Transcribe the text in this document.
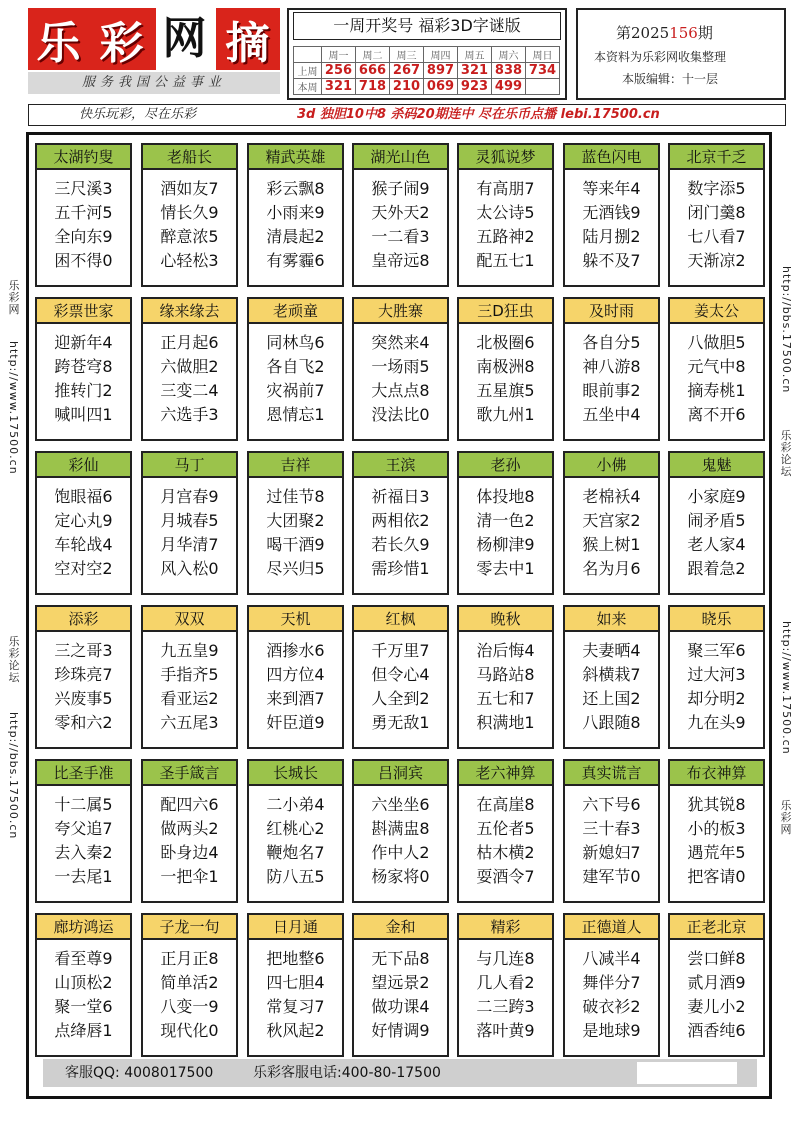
乐 彩 网 摘
服务我国公益事业
一周开奖号 福彩3D字谜版
	周一	周二	周三	周四	周五	周六	周日
上周	256	666	267	897	321	838	734
本周	321	718	210	069	923	499	
第2025156期
本资料为乐彩网收集整理
本版编辑：十一层
快乐玩彩，尽在乐彩	3d 独胆10中8 杀码20期连中 尽在乐币点播 lebi.17500.cn
乐彩网
http://www.17500.cn
乐彩论坛
http://bbs.17500.cn
http://bbs.17500.cn
乐彩论坛
http://www.17500.cn
乐彩网
客服QQ: 4008017500	乐彩客服电话:400-80-17500
太湖钓叟
三尺溪3
五千河5
全向东9
困不得0
老船长
酒如友7
情长久9
醉意浓5
心轻松3
精武英雄
彩云飘8
小雨来9
清晨起2
有雾霾6
湖光山色
猴子闹9
天外天2
一二看3
皇帝远8
灵狐说梦
有高朋7
太公诗5
五路神2
配五七1
蓝色闪电
等来年4
无酒钱9
陆月捌2
躲不及7
北京千乏
数字添5
闭门羹8
七八看7
天渐凉2
彩票世家
迎新年4
跨苍穹8
推转门2
喊叫四1
缘来缘去
正月起6
六做胆2
三变二4
六选手3
老顽童
同林鸟6
各自飞2
灾祸前7
恩情忘1
大胜寨
突然来4
一场雨5
大点点8
没法比0
三D狂虫
北极圈6
南极洲8
五星旗5
歌九州1
及时雨
各自分5
神八游8
眼前事2
五坐中4
姜太公
八做胆5
元气中8
摘寿桃1
离不开6
彩仙
饱眼福6
定心丸9
车轮战4
空对空2
马丁
月宫春9
月城春5
月华清7
风入松0
吉祥
过佳节8
大团聚2
喝干酒9
尽兴归5
王滨
祈福日3
两相依2
若长久9
需珍惜1
老孙
体投地8
清一色2
杨柳津9
零去中1
小佛
老棉袄4
天宫家2
猴上树1
名为月6
鬼魅
小家庭9
闹矛盾5
老人家4
跟着急2
添彩
三之哥3
珍珠亮7
兴废事5
零和六2
双双
九五皇9
手指齐5
看亚运2
六五尾3
天机
酒掺水6
四方位4
来到酒7
奸臣道9
红枫
千万里7
但令心4
人全到2
勇无敌1
晚秋
治后悔4
马路站8
五七和7
积满地1
如来
夫妻晒4
斜横栽7
还上国2
八跟随8
晓乐
聚三军6
过大河3
却分明2
九在头9
比圣手准
十二属5
夸父追7
去入秦2
一去尾1
圣手箴言
配四六6
做两头2
卧身边4
一把伞1
长城长
二小弟4
红桃心2
鞭炮名7
防八五5
吕洞宾
六坐坐6
斟满盅8
作中人2
杨家将0
老六神算
在高崖8
五伦者5
枯木横2
耍酒令7
真实谎言
六下号6
三十春3
新媳妇7
建军节0
布衣神算
犹其锐8
小的板3
遇荒年5
把客请0
廊坊鸿运
看至尊9
山顶松2
聚一堂6
点绛唇1
子龙一句
正月正8
简单活2
八变一9
现代化0
日月通
把地整6
四七胆4
常复习7
秋风起2
金和
无下品8
望远景2
做功课4
好情调9
精彩
与几连8
几人看2
二三跨3
落叶黄9
正德道人
八减半4
舞伴分7
破衣衫2
是地球9
正老北京
尝口鲜8
贰月酒9
妻儿小2
酒香纯6
